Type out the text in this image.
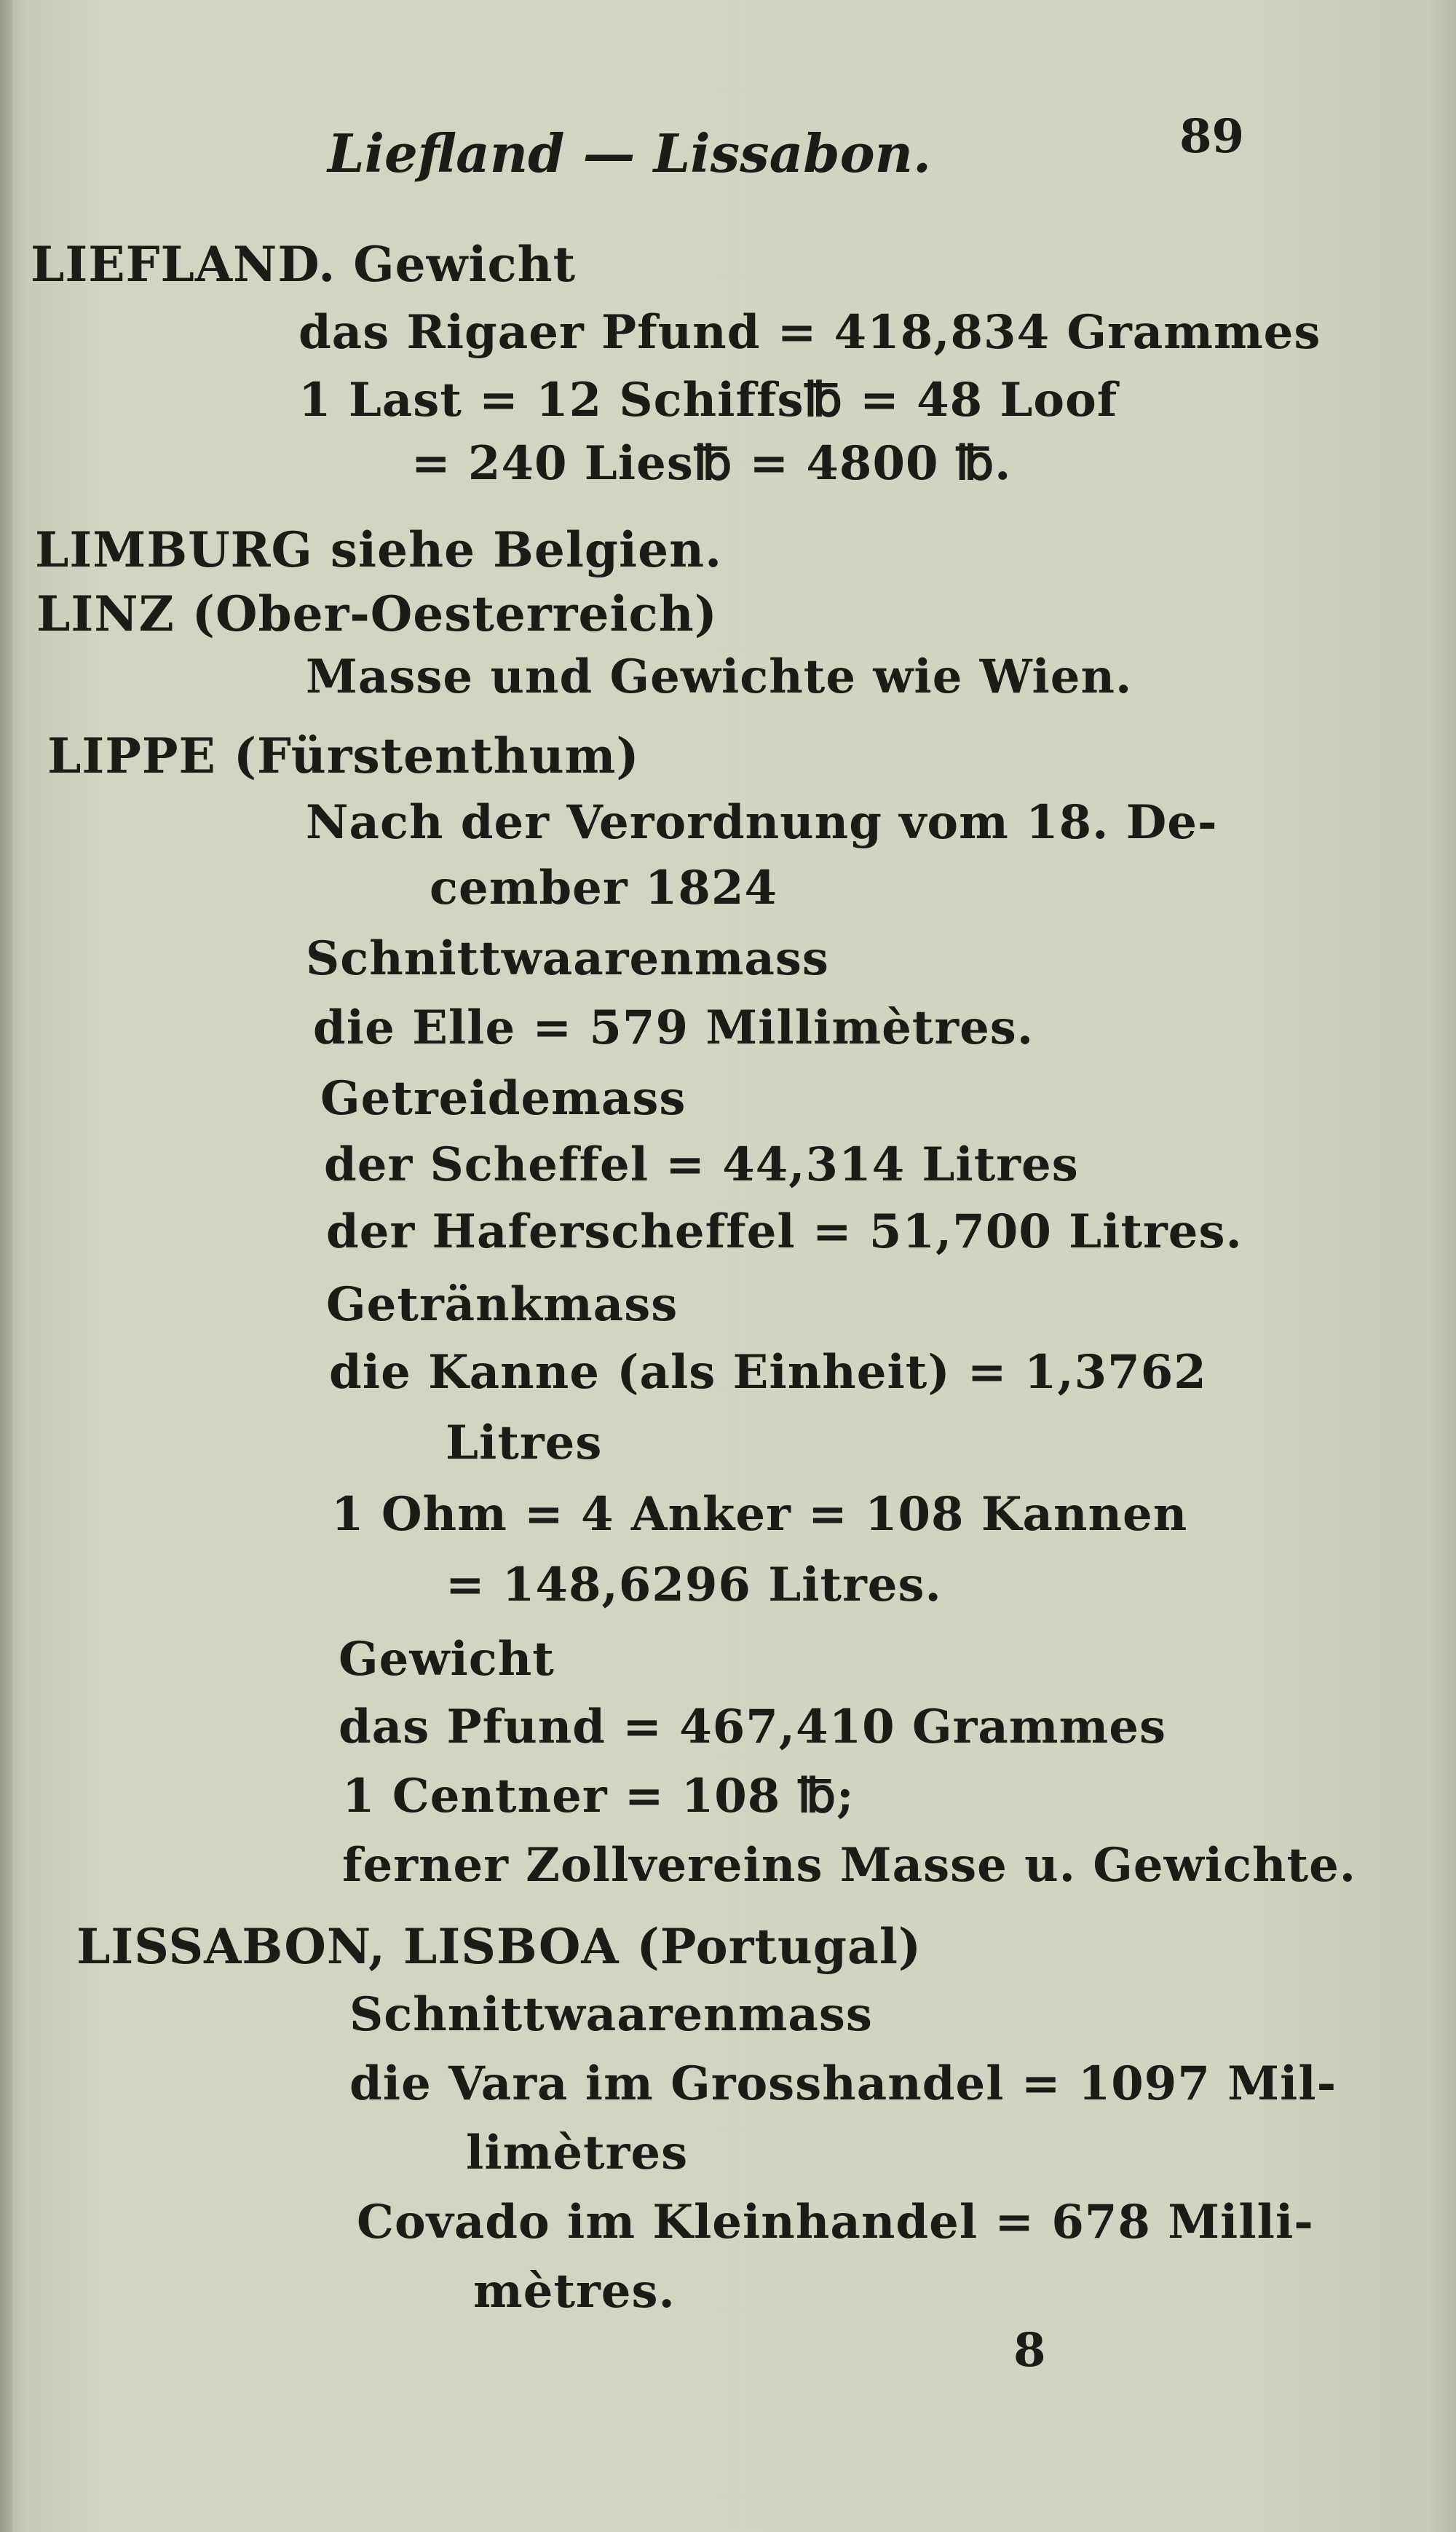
Liefland — Lissabon.	89
LIEFLAND. Gewicht
das Rigaer Pfund = 418,834 Grammes
1 Last = 12 Schiffs℔ = 48 Loof
= 240 Lies℔ = 4800 ℔.
LIMBURG siehe Belgien.
LINZ (Ober-Oesterreich)
Masse und Gewichte wie Wien.
LIPPE (Fürstenthum)
Nach der Verordnung vom 18. De-
cember 1824
Schnittwaarenmass
die Elle = 579 Millimètres.
Getreidemass
der Scheffel = 44,314 Litres
der Haferscheffel = 51,700 Litres.
Getränkmass
die Kanne (als Einheit) = 1,3762
Litres
1 Ohm = 4 Anker = 108 Kannen
= 148,6296 Litres.
Gewicht
das Pfund = 467,410 Grammes
1 Centner = 108 ℔;
ferner Zollvereins Masse u. Gewichte.
LISSABON, LISBOA (Portugal)
Schnittwaarenmass
die Vara im Grosshandel = 1097 Mil-
limètres
Covado im Kleinhandel = 678 Milli-
mètres.
8
